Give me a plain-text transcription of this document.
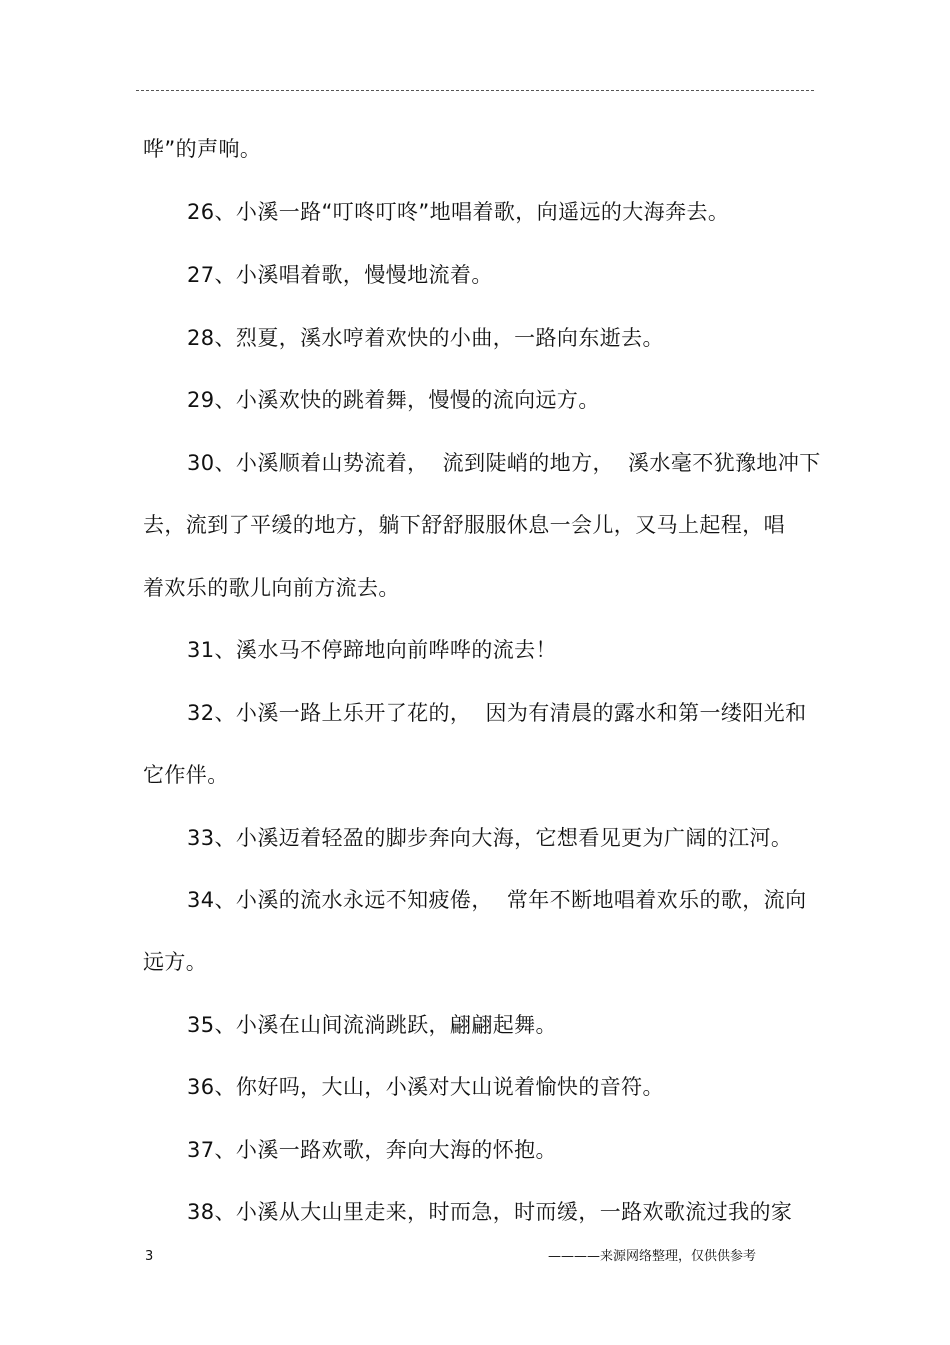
哗”的声响。
26、小溪一路“叮咚叮咚”地唱着歌，向遥远的大海奔去。
27、小溪唱着歌，慢慢地流着。
28、烈夏，溪水哼着欢快的小曲，一路向东逝去。
29、小溪欢快的跳着舞，慢慢的流向远方。
30、小溪顺着山势流着，  流到陡峭的地方，  溪水毫不犹豫地冲下
去，流到了平缓的地方，躺下舒舒服服休息一会儿，又马上起程，唱
着欢乐的歌儿向前方流去。
31、溪水马不停蹄地向前哗哗的流去！
32、小溪一路上乐开了花的，  因为有清晨的露水和第一缕阳光和
它作伴。
33、小溪迈着轻盈的脚步奔向大海，它想看见更为广阔的江河。
34、小溪的流水永远不知疲倦，  常年不断地唱着欢乐的歌，流向
远方。
35、小溪在山间流淌跳跃，翩翩起舞。
36、你好吗，大山，小溪对大山说着愉快的音符。
37、小溪一路欢歌，奔向大海的怀抱。
38、小溪从大山里走来，时而急，时而缓，一路欢歌流过我的家
3	————来源网络整理，仅供供参考
